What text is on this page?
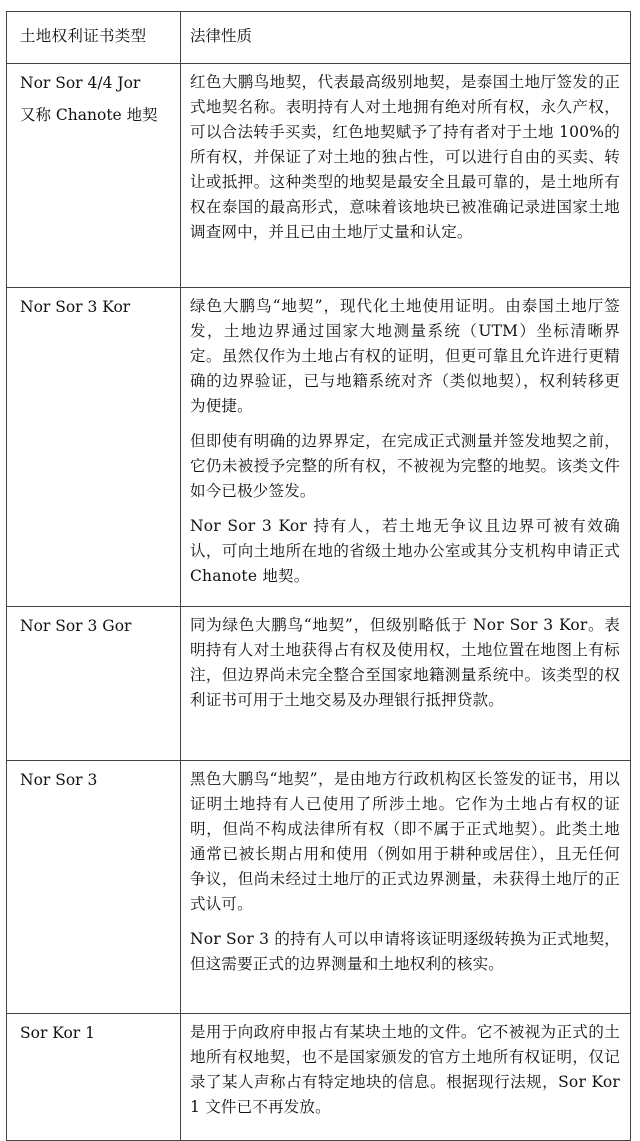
土地权利证书类型	法律性质

Nor Sor 4/4 Jor
又称 Chanote 地契	红色大鹏鸟地契，代表最高级别地契，是泰国土地厅签发的正式地契名称。表明持有人对土地拥有绝对所有权，永久产权，可以合法转手买卖，红色地契赋予了持有者对于土地 100%的所有权，并保证了对土地的独占性，可以进行自由的买卖、转让或抵押。这种类型的地契是最安全且最可靠的，是土地所有权在泰国的最高形式，意味着该地块已被准确记录进国家土地调查网中，并且已由土地厅丈量和认定。

Nor Sor 3 Kor	绿色大鹏鸟“地契”，现代化土地使用证明。由泰国土地厅签发，土地边界通过国家大地测量系统（UTM）坐标清晰界定。虽然仅作为土地占有权的证明，但更可靠且允许进行更精确的边界验证，已与地籍系统对齐（类似地契），权利转移更为便捷。
但即使有明确的边界界定，在完成正式测量并签发地契之前，它仍未被授予完整的所有权，不被视为完整的地契。该类文件如今已极少签发。
Nor Sor 3 Kor 持有人，若土地无争议且边界可被有效确认，可向土地所在地的省级土地办公室或其分支机构申请正式 Chanote 地契。

Nor Sor 3 Gor	同为绿色大鹏鸟“地契”，但级别略低于 Nor Sor 3 Kor。表明持有人对土地获得占有权及使用权，土地位置在地图上有标注，但边界尚未完全整合至国家地籍测量系统中。该类型的权利证书可用于土地交易及办理银行抵押贷款。

Nor Sor 3	黑色大鹏鸟“地契”，是由地方行政机构区长签发的证书，用以证明土地持有人已使用了所涉土地。它作为土地占有权的证明，但尚不构成法律所有权（即不属于正式地契）。此类土地通常已被长期占用和使用（例如用于耕种或居住），且无任何争议，但尚未经过土地厅的正式边界测量，未获得土地厅的正式认可。
Nor Sor 3 的持有人可以申请将该证明逐级转换为正式地契，但这需要正式的边界测量和土地权利的核实。

Sor Kor 1	是用于向政府申报占有某块土地的文件。它不被视为正式的土地所有权地契，也不是国家颁发的官方土地所有权证明，仅记录了某人声称占有特定地块的信息。根据现行法规，Sor Kor 1 文件已不再发放。
